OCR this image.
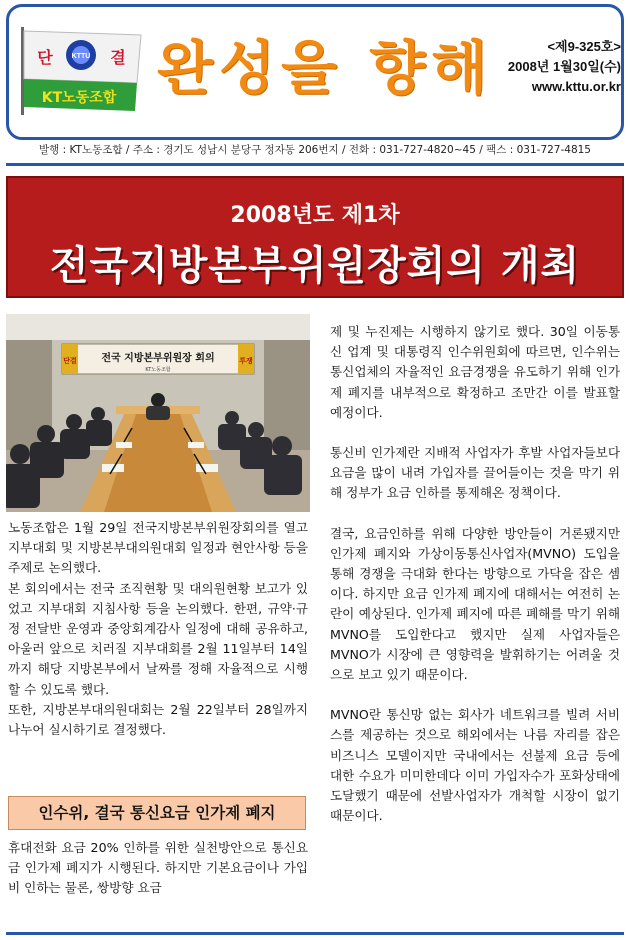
KTTU
단	결
KT노동조합 완성을 향해	<제9-325호>
2008년 1월30일(수)
www.kttu.or.kr
발행 : KT노동조합 / 주소 : 경기도 성남시 분당구 정자동 206번지 / 전화 : 031-727-4820~45 / 팩스 : 031-727-4815
2008년도 제1차
전국지방본부위원장회의 개최
단결 전국 지방본부위원장 회의
KT노동조합
투쟁

노동조합은 1월 29일 전국지방본부위원장회의를 열고 지부대회 및 지방본부대의원대회 일정과 현안사항 등을 주제로 논의했다.

본 회의에서는 전국 조직현황 및 대의원현황 보고가 있었고 지부대회 지침사항 등을 논의했다. 한편, 규약·규정 전달반 운영과 중앙회계감사 일정에 대해 공유하고, 아울러 앞으로 치러질 지부대회를 2월 11일부터 14일까지 해당 지방본부에서 날짜를 정해 자율적으로 시행할 수 있도록 했다.

또한, 지방본부대의원대회는 2월 22일부터 28일까지 나누어 실시하기로 결정했다.

인수위, 결국 통신요금 인가제 폐지

휴대전화 요금 20% 인하를 위한 실천방안으로 통신요금 인가제 폐지가 시행된다. 하지만 기본요금이나 가입비 인하는 물론, 쌍방향 요금

제 및 누진제는 시행하지 않기로 했다. 30일 이동통신 업계 및 대통령직 인수위원회에 따르면, 인수위는 통신업체의 자율적인 요금경쟁을 유도하기 위해 인가제 폐지를 내부적으로 확정하고 조만간 이를 발표할 예정이다.

통신비 인가제란 지배적 사업자가 후발 사업자들보다 요금을 많이 내려 가입자를 끌어들이는 것을 막기 위해 정부가 요금 인하를 통제해온 정책이다.

결국, 요금인하를 위해 다양한 방안들이 거론됐지만 인가제 폐지와 가상이동통신사업자(MVNO) 도입을 통해 경쟁을 극대화 한다는 방향으로 가닥을 잡은 셈이다. 하지만 요금 인가제 폐지에 대해서는 여전히 논란이 예상된다. 인가제 폐지에 따른 폐해를 막기 위해 MVNO를 도입한다고 했지만 실제 사업자들은 MVNO가 시장에 큰 영향력을 발휘하기는 어려울 것으로 보고 있기 때문이다.

MVNO란 통신망 없는 회사가 네트워크를 빌려 서비스를 제공하는 것으로 해외에서는 나름 자리를 잡은 비즈니스 모델이지만 국내에서는 선불제 요금 등에 대한 수요가 미미한데다 이미 가입자수가 포화상태에 도달했기 때문에 선발사업자가 개척할 시장이 없기 때문이다.
